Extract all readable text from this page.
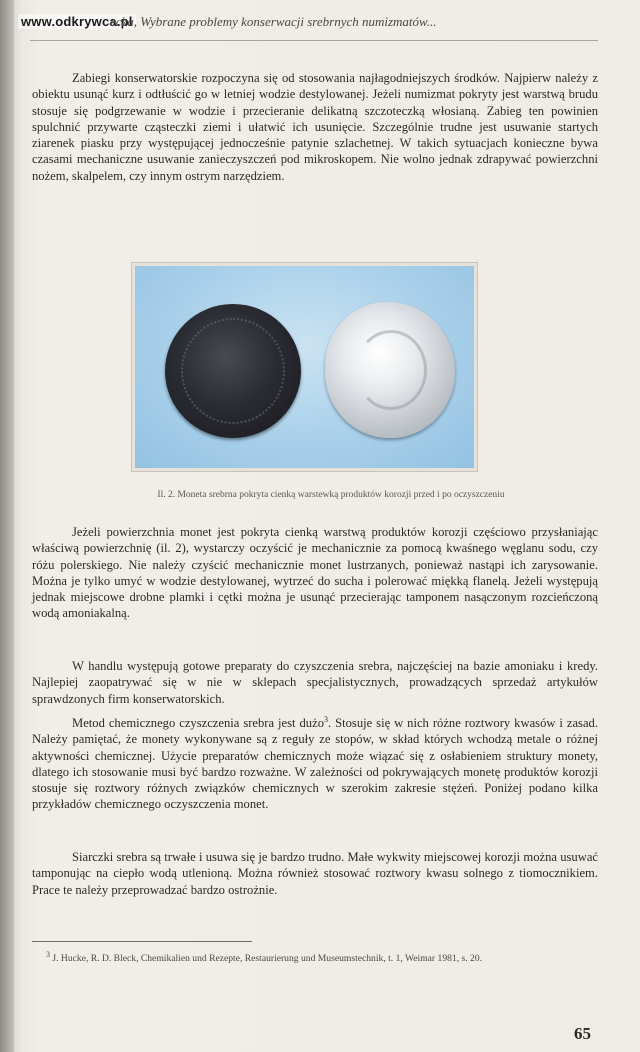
www.odkrywca.pl
ecka, Wybrane problemy konserwacji srebrnych numizmatów...

Zabiegi konserwatorskie rozpoczyna się od stosowania najłagodniejszych środków. Najpierw należy z obiektu usunąć kurz i odtłuścić go w letniej wodzie destylowanej. Jeżeli numizmat pokryty jest warstwą brudu stosuje się podgrzewanie w wodzie i przecieranie delikatną szczoteczką włosianą. Zabieg ten powinien spulchnić przywarte cząsteczki ziemi i ułatwić ich usunięcie. Szczególnie trudne jest usuwanie startych ziarenek piasku przy występującej jednocześnie patynie szlachetnej. W takich sytuacjach konieczne bywa czasami mechaniczne usuwanie zanieczyszczeń pod mikroskopem. Nie wolno jednak zdrapywać powierzchni nożem, skalpelem, czy innym ostrym narzędziem.

Il. 2. Moneta srebrna pokryta cienką warstewką produktów korozji przed i po oczyszczeniu

Jeżeli powierzchnia monet jest pokryta cienką warstwą produktów korozji częściowo przysłaniając właściwą powierzchnię (il. 2), wystarczy oczyścić je mechanicznie za pomocą kwaśnego węglanu sodu, czy różu polerskiego. Nie należy czyścić mechanicznie monet lustrzanych, ponieważ nastąpi ich zarysowanie. Można je tylko umyć w wodzie destylowanej, wytrzeć do sucha i polerować miękką flanelą. Jeżeli występują jednak miejscowe drobne plamki i cętki można je usunąć przecierając tamponem nasączonym rozcieńczoną wodą amoniakalną.

W handlu występują gotowe preparaty do czyszczenia srebra, najczęściej na bazie amoniaku i kredy. Najlepiej zaopatrywać się w nie w sklepach specjalistycznych, prowadzących sprzedaż artykułów sprawdzonych firm konserwatorskich.

Metod chemicznego czyszczenia srebra jest dużo$^3$. Stosuje się w nich różne roztwory kwasów i zasad. Należy pamiętać, że monety wykonywane są z reguły ze stopów, w skład których wchodzą metale o różnej aktywności chemicznej. Użycie preparatów chemicznych może wiązać się z osłabieniem struktury monety, dlatego ich stosowanie musi być bardzo rozważne. W zależności od pokrywających monetę produktów korozji stosuje się roztwory różnych związków chemicznych w szerokim zakresie stężeń. Poniżej podano kilka przykładów chemicznego oczyszczenia monet.

Siarczki srebra są trwałe i usuwa się je bardzo trudno. Małe wykwity miejscowej korozji można usuwać tamponując na ciepło wodą utlenioną. Można również stosować roztwory kwasu solnego z tiomocznikiem. Prace te należy przeprowadzać bardzo ostrożnie.

$^3$ J. Hucke, R. D. Bleck, Chemikalien und Rezepte, Restaurierung und Museumstechnik, t. 1, Weimar 1981, s. 20.
65
